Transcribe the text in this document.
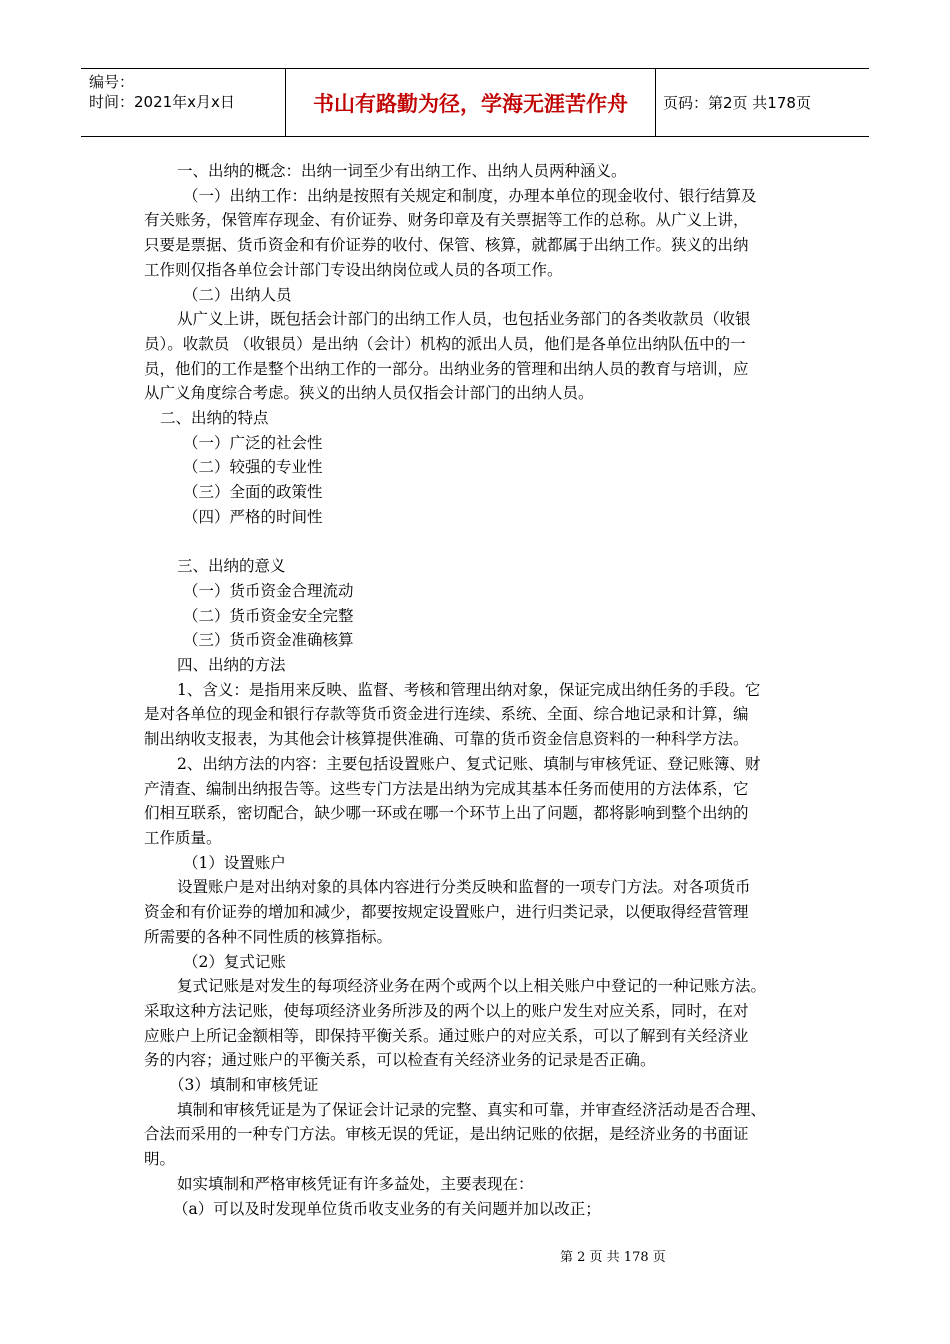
编号：
时间：2021年x月x日	书山有路勤为径，学海无涯苦作舟	页码：第2页 共178页

一、出纳的概念：出纳一词至少有出纳工作、出纳人员两种涵义。

（一）出纳工作：出纳是按照有关规定和制度，办理本单位的现金收付、银行结算及

有关账务，保管库存现金、有价证券、财务印章及有关票据等工作的总称。从广义上讲，

只要是票据、货币资金和有价证券的收付、保管、核算，就都属于出纳工作。狭义的出纳

工作则仅指各单位会计部门专设出纳岗位或人员的各项工作。

（二）出纳人员

从广义上讲，既包括会计部门的出纳工作人员，也包括业务部门的各类收款员（收银

员）。收款员 （收银员）是出纳（会计）机构的派出人员，他们是各单位出纳队伍中的一

员，他们的工作是整个出纳工作的一部分。出纳业务的管理和出纳人员的教育与培训，应

从广义角度综合考虑。狭义的出纳人员仅指会计部门的出纳人员。

二、出纳的特点

（一）广泛的社会性

（二）较强的专业性

（三）全面的政策性

（四）严格的时间性

三、出纳的意义

（一）货币资金合理流动

（二）货币资金安全完整

（三）货币资金准确核算

四、出纳的方法

1、含义：是指用来反映、监督、考核和管理出纳对象，保证完成出纳任务的手段。它

是对各单位的现金和银行存款等货币资金进行连续、系统、全面、综合地记录和计算，编

制出纳收支报表，为其他会计核算提供准确、可靠的货币资金信息资料的一种科学方法。

2、出纳方法的内容：主要包括设置账户、复式记账、填制与审核凭证、登记账簿、财

产清查、编制出纳报告等。这些专门方法是出纳为完成其基本任务而使用的方法体系，它

们相互联系，密切配合，缺少哪一环或在哪一个环节上出了问题，都将影响到整个出纳的

工作质量。

（1）设置账户

设置账户是对出纳对象的具体内容进行分类反映和监督的一项专门方法。对各项货币

资金和有价证券的增加和减少，都要按规定设置账户，进行归类记录，以便取得经营管理

所需要的各种不同性质的核算指标。

（2）复式记账

复式记账是对发生的每项经济业务在两个或两个以上相关账户中登记的一种记账方法。

采取这种方法记账，使每项经济业务所涉及的两个以上的账户发生对应关系，同时，在对

应账户上所记金额相等，即保持平衡关系。通过账户的对应关系，可以了解到有关经济业

务的内容；通过账户的平衡关系，可以检查有关经济业务的记录是否正确。

（3）填制和审核凭证

填制和审核凭证是为了保证会计记录的完整、真实和可靠，并审查经济活动是否合理、

合法而采用的一种专门方法。审核无误的凭证，是出纳记账的依据，是经济业务的书面证

明。

如实填制和严格审核凭证有许多益处，主要表现在：

（a）可以及时发现单位货币收支业务的有关问题并加以改正；

第 2 页 共 178 页
